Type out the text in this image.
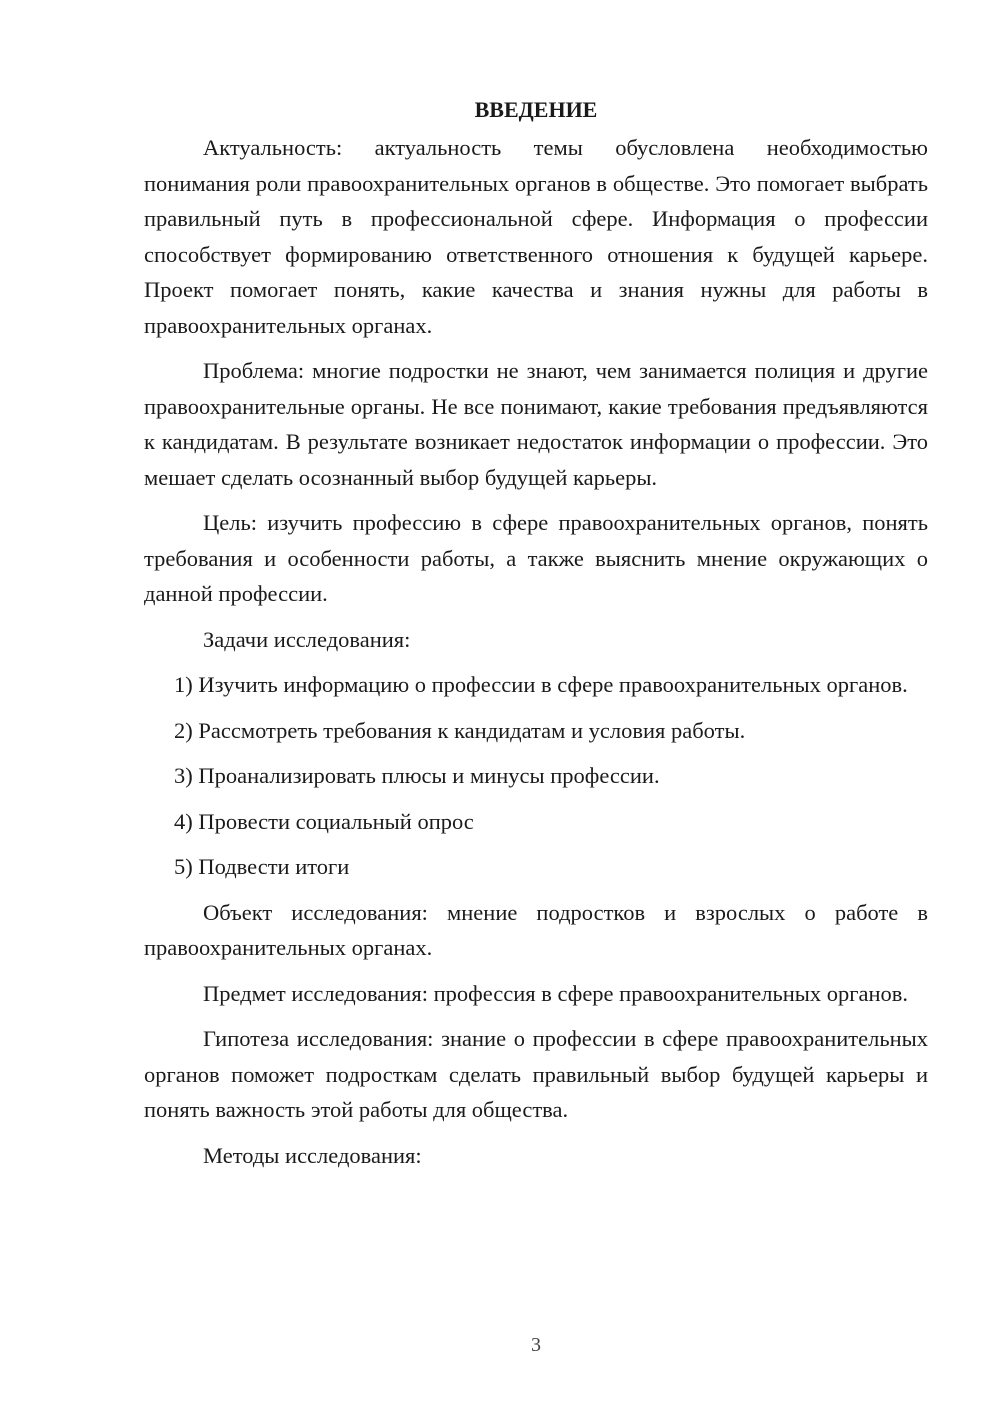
ВВЕДЕНИЕ

Актуальность: актуальность темы обусловлена необходимостью понимания роли правоохранительных органов в обществе. Это помогает выбрать правильный путь в профессиональной сфере. Информация о профессии способствует формированию ответственного отношения к будущей карьере. Проект помогает понять, какие качества и знания нужны для работы в правоохранительных органах.

Проблема: многие подростки не знают, чем занимается полиция и другие правоохранительные органы. Не все понимают, какие требования предъявляются к кандидатам. В результате возникает недостаток информации о профессии. Это мешает сделать осознанный выбор будущей карьеры.

Цель: изучить профессию в сфере правоохранительных органов, понять требования и особенности работы, а также выяснить мнение окружающих о данной профессии.

Задачи исследования:

1) Изучить информацию о профессии в сфере правоохранительных органов.

2) Рассмотреть требования к кандидатам и условия работы.

3) Проанализировать плюсы и минусы профессии.

4) Провести социальный опрос

5) Подвести итоги

Объект исследования: мнение подростков и взрослых о работе в правоохранительных органах.

Предмет исследования: профессия в сфере правоохранительных органов.

Гипотеза исследования: знание о профессии в сфере правоохранительных органов поможет подросткам сделать правильный выбор будущей карьеры и понять важность этой работы для общества.

Методы исследования:

3
